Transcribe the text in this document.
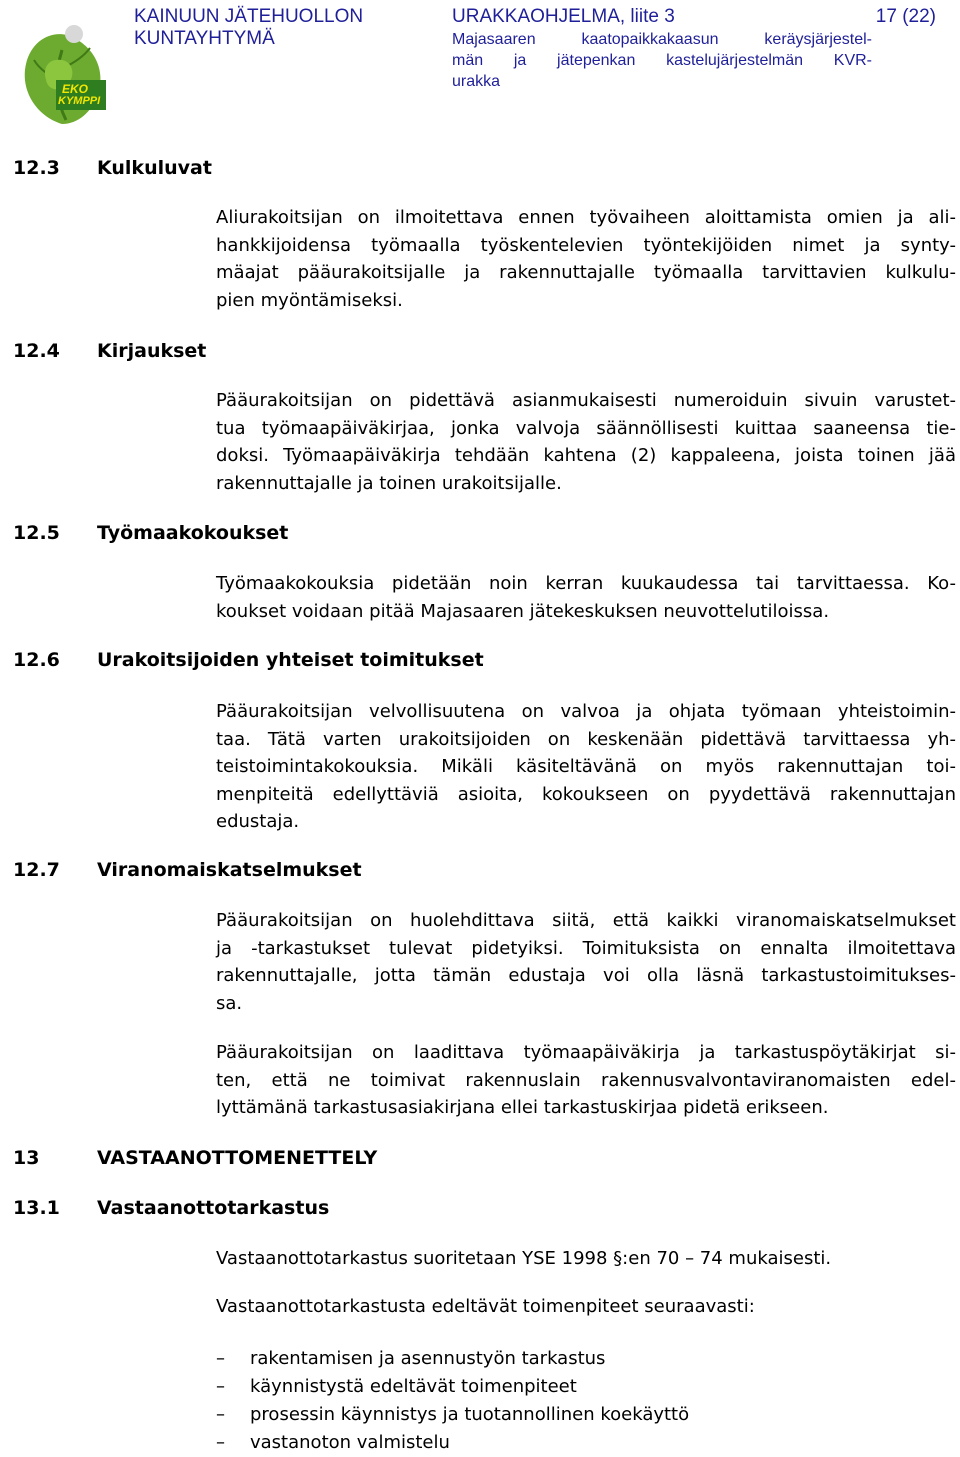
EKO
KYMPPI
KAINUUN JÄTEHUOLLON
KUNTAYHTYMÄ
URAKKAOHJELMA, liite 3
Majasaaren kaatopaikkakaasun keräysjärjestel-
män ja jätepenkan kastelujärjestelmän KVR-
urakka
17 (22)
12.3 Kulkuluvat
12.4 Kirjaukset
12.5 Työmaakokoukset
12.6 Urakoitsijoiden yhteiset toimitukset
12.7 Viranomaiskatselmukset
13	VASTAANOTTOMENETTELY
13.1 Vastaanottotarkastus
Aliurakoitsijan on ilmoitettava ennen työvaiheen aloittamista omien ja ali-
hankkijoidensa työmaalla työskentelevien työntekijöiden nimet ja synty-
mäajat pääurakoitsijalle ja rakennuttajalle työmaalla tarvittavien kulkulu-
pien myöntämiseksi.
Pääurakoitsijan on pidettävä asianmukaisesti numeroiduin sivuin varustet-
tua työmaapäiväkirjaa, jonka valvoja säännöllisesti kuittaa saaneensa tie-
doksi. Työmaapäiväkirja tehdään kahtena (2) kappaleena, joista toinen jää
rakennuttajalle ja toinen urakoitsijalle.
Työmaakokouksia pidetään noin kerran kuukaudessa tai tarvittaessa. Ko-
koukset voidaan pitää Majasaaren jätekeskuksen neuvottelutiloissa.
Pääurakoitsijan velvollisuutena on valvoa ja ohjata työmaan yhteistoimin-
taa. Tätä varten urakoitsijoiden on keskenään pidettävä tarvittaessa yh-
teistoimintakokouksia. Mikäli käsiteltävänä on myös rakennuttajan toi-
menpiteitä edellyttäviä asioita, kokoukseen on pyydettävä rakennuttajan
edustaja.
Pääurakoitsijan on huolehdittava siitä, että kaikki viranomaiskatselmukset
ja -tarkastukset tulevat pidetyiksi. Toimituksista on ennalta ilmoitettava
rakennuttajalle, jotta tämän edustaja voi olla läsnä tarkastustoimitukses-
sa.
Pääurakoitsijan on laadittava työmaapäiväkirja ja tarkastuspöytäkirjat si-
ten, että ne toimivat rakennuslain rakennusvalvontaviranomaisten edel-
lyttämänä tarkastusasiakirjana ellei tarkastuskirjaa pidetä erikseen.
Vastaanottotarkastus suoritetaan YSE 1998 §:en 70 – 74 mukaisesti.
Vastaanottotarkastusta edeltävät toimenpiteet seuraavasti:
– rakentamisen ja asennustyön tarkastus
– käynnistystä edeltävät toimenpiteet
– prosessin käynnistys ja tuotannollinen koekäyttö
– vastanoton valmistelu
